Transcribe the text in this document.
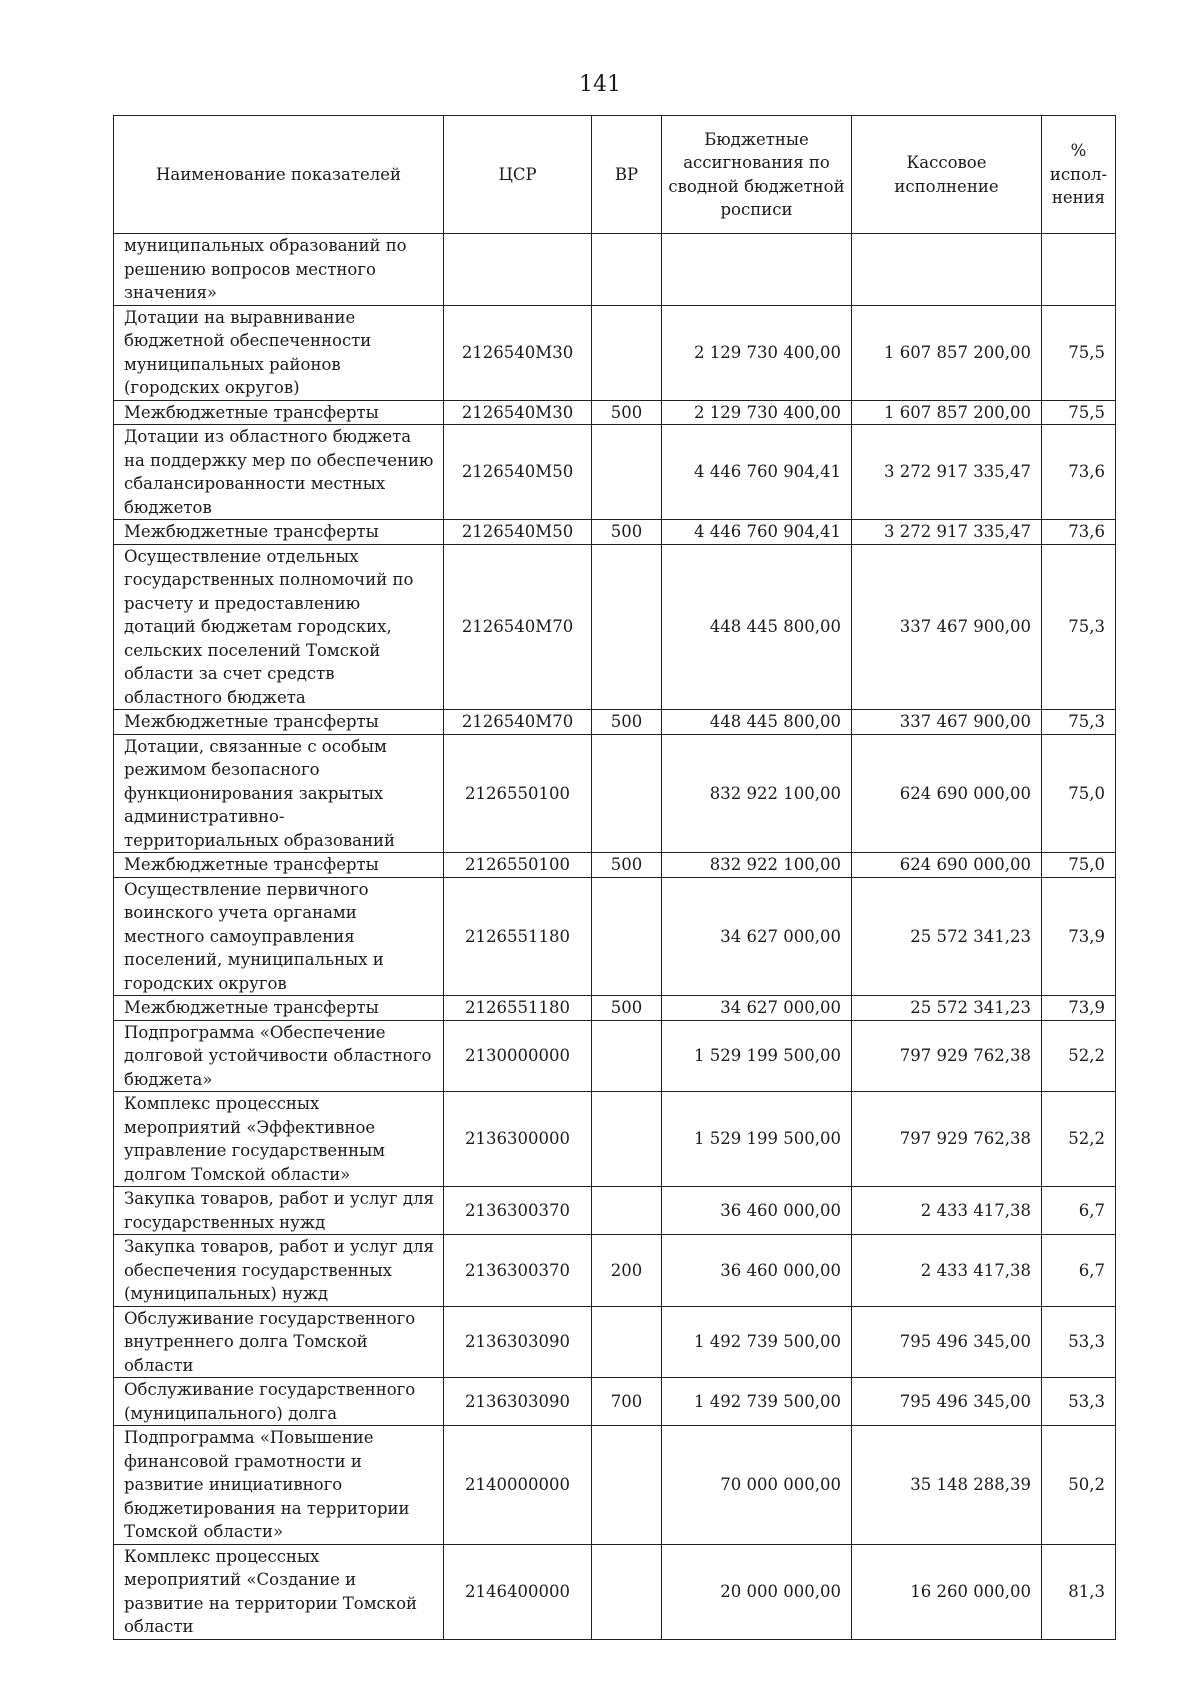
141
Наименование показателей	ЦСР	ВР	Бюджетные ассигнования по сводной бюджетной росписи	Кассовое исполнение	% испол-нения
муниципальных образований по решению вопросов местного значения»					
Дотации на выравнивание бюджетной обеспеченности муниципальных районов (городских округов)	2126540М30		2 129 730 400,00	1 607 857 200,00	75,5
Межбюджетные трансферты	2126540М30	500	2 129 730 400,00	1 607 857 200,00	75,5
Дотации из областного бюджета на поддержку мер по обеспечению сбалансированности местных бюджетов	2126540М50		4 446 760 904,41	3 272 917 335,47	73,6
Межбюджетные трансферты	2126540М50	500	4 446 760 904,41	3 272 917 335,47	73,6
Осуществление отдельных государственных полномочий по расчету и предоставлению дотаций бюджетам городских, сельских поселений Томской области за счет средств областного бюджета	2126540М70		448 445 800,00	337 467 900,00	75,3
Межбюджетные трансферты	2126540М70	500	448 445 800,00	337 467 900,00	75,3
Дотации, связанные с особым режимом безопасного функционирования закрытых административно-территориальных образований	2126550100		832 922 100,00	624 690 000,00	75,0
Межбюджетные трансферты	2126550100	500	832 922 100,00	624 690 000,00	75,0
Осуществление первичного воинского учета органами местного самоуправления поселений, муниципальных и городских округов	2126551180		34 627 000,00	25 572 341,23	73,9
Межбюджетные трансферты	2126551180	500	34 627 000,00	25 572 341,23	73,9
Подпрограмма «Обеспечение долговой устойчивости областного бюджета»	2130000000		1 529 199 500,00	797 929 762,38	52,2
Комплекс процессных мероприятий «Эффективное управление государственным долгом Томской области»	2136300000		1 529 199 500,00	797 929 762,38	52,2
Закупка товаров, работ и услуг для государственных нужд	2136300370		36 460 000,00	2 433 417,38	6,7
Закупка товаров, работ и услуг для обеспечения государственных (муниципальных) нужд	2136300370	200	36 460 000,00	2 433 417,38	6,7
Обслуживание государственного внутреннего долга Томской области	2136303090		1 492 739 500,00	795 496 345,00	53,3
Обслуживание государственного (муниципального) долга	2136303090	700	1 492 739 500,00	795 496 345,00	53,3
Подпрограмма «Повышение финансовой грамотности и развитие инициативного бюджетирования на территории Томской области»	2140000000		70 000 000,00	35 148 288,39	50,2
Комплекс процессных мероприятий «Создание и развитие на территории Томской области	2146400000		20 000 000,00	16 260 000,00	81,3
